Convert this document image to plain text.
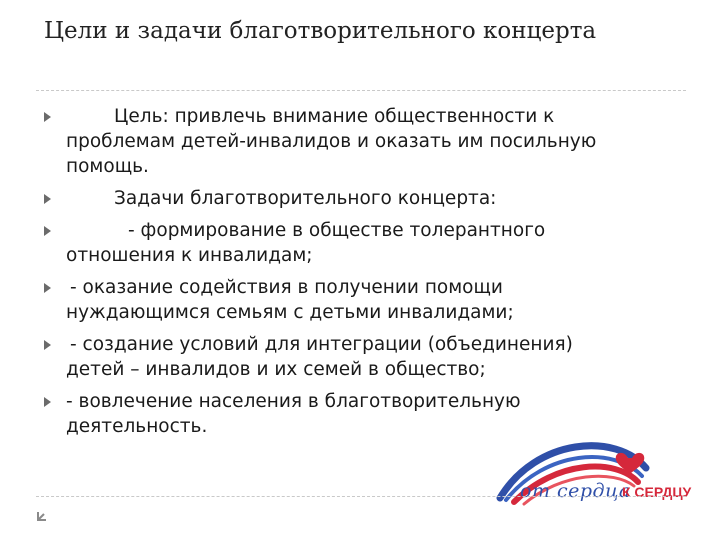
Цели и задачи благотворительного концерта
Цель: привлечь внимание общественности к
проблемам детей-инвалидов и оказать им посильную
помощь.
Задачи благотворительного концерта:
- формирование в обществе толерантного
отношения к инвалидам;
- оказание содействия в получении помощи
нуждающимся семьям с детьми инвалидами;
- создание условий для интеграции (объединения)
детей – инвалидов и их семей в общество;
- вовлечение населения в благотворительную
деятельность.
от сердца
К СЕРДЦУ
